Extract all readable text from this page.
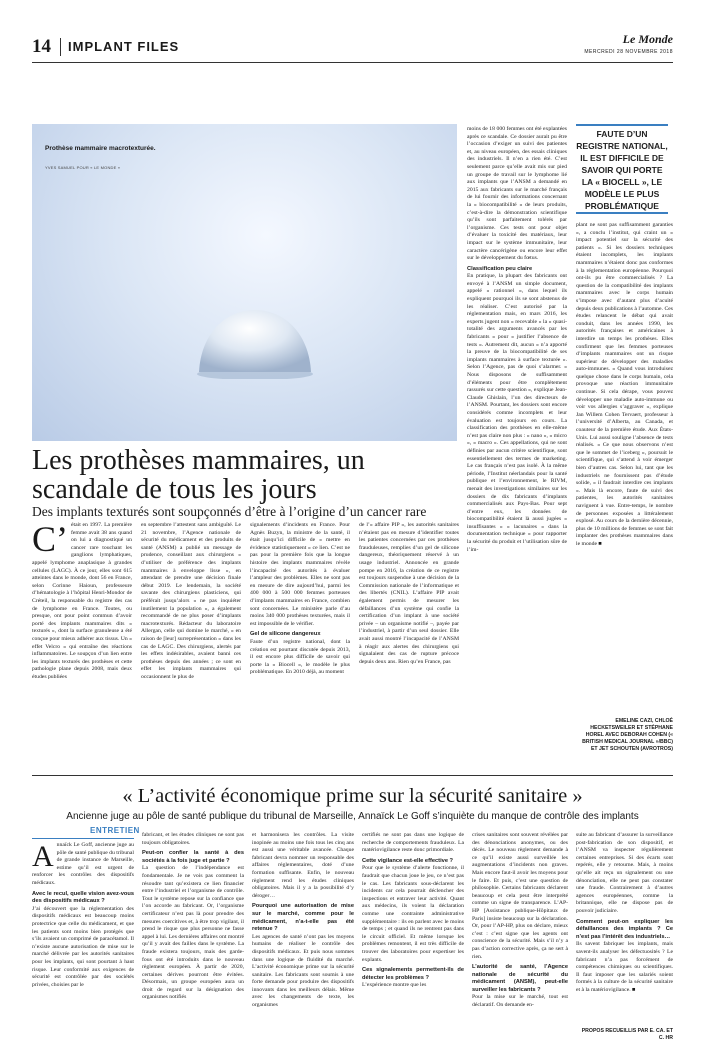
14 IMPLANT FILES	Le Monde
MERCREDI 28 NOVEMBRE 2018
Prothèse mammaire macrotexturée.
YVES SAMUEL POUR « LE MONDE »
Les prothèses mammaires, un scandale de tous les jours
Des implants texturés sont soupçonnés d’être à l’origine d’un cancer rare
C’ était en 1997. La première femme avait 38 ans quand on lui a diagnostiqué un cancer rare touchant les ganglions lymphatiques, appelé lymphome anaplasique à grandes cellules (LAGC). À ce jour, elles sont 615 atteintes dans le monde, dont 56 en France, selon Corinne Haioun, professeure d’hématologie à l’hôpital Henri-Mondor de Créteil, la responsable du registre des cas de lymphome en France. Toutes, ou presque, ont pour point commun d’avoir porté des implants mammaires dits « texturés », dont la surface granuleuse a été conçue pour mieux adhérer aux tissus. Un « effet Velcro » qui entraîne des réactions inflammatoires. Le soupçon d’un lien entre les implants texturés des prothèses et cette pathologie plane depuis 2008, mais deux études publiées
en septembre l’attestent sans ambiguïté. Le 21 novembre, l’Agence nationale de sécurité du médicament et des produits de santé (ANSM) a publié un message de prudence, conseillant aux chirurgiens « d’utiliser de préférence des implants mammaires à enveloppe lisse », en attendant de prendre une décision finale début 2019. Le lendemain, la société savante des chirurgiens plasticiens, qui préférait jusqu’alors « ne pas inquiéter inutilement la population », a également recommandé de ne plus poser d’implants macrotexturés. Rédacteur du laboratoire Allergan, celle qui domine le marché, « en raison de [leur] surreprésentation » dans les cas de LAGC. Des chirurgiens, alertés par les effets indésirables, avaient banni ces prothèses depuis des années ; ce sont en effet les implants mammaires qui occasionnent le plus de
signalements d’incidents en France. Pour Agnès Buzyn, la ministre de la santé, il était jusqu’ici difficile de « mettre en évidence statistiquement » ce lien. C’est ne pas pour la première fois que la longue histoire des implants mammaires révèle l’incapacité des autorités à évaluer l’ampleur des problèmes. Elles ne sont pas en mesure de dire aujourd’hui, parmi les 400 000 à 500 000 femmes porteuses d’implants mammaires en France, combien sont concernées. Le ministère parle d’au moins 340 000 prothèses texturées, mais il est impossible de le vérifier.
Gel de silicone dangereux
Faute d’un registre national, dont la création est pourtant discutée depuis 2013, il est encore plus difficile de savoir qui porte la « Biocell », le modèle le plus problématique. En 2010 déjà, au moment
de l’« affaire PIP », les autorités sanitaires n’étaient pas en mesure d’identifier toutes les patientes concernées par ces prothèses frauduleuses, remplies d’un gel de silicone dangereux, théoriquement réservé à un usage industriel. Annoncée en grande pompe en 2016, la création de ce registre est toujours suspendue à une décision de la Commission nationale de l’informatique et des libertés (CNIL). L’affaire PIP avait également permis de mesurer les défaillances d’un système qui confie la certification d’un implant à une société privée – un organisme notifié –, payée par l’industriel, à partir d’un seul dossier. Elle avait aussi montré l’incapacité de l’ANSM à réagir aux alertes des chirurgiens qui signalaient des cas de rupture précoce depuis deux ans. Rien qu’en France, pas
moins de 18 000 femmes ont été explantées après ce scandale. Ce dossier aurait pu être l’occasion d’exiger un suivi des patientes et, au niveau européen, des essais cliniques des industriels. Il n’en a rien été. C’est seulement parce qu’elle avait mis sur pied un groupe de travail sur le lymphome lié aux implants que l’ANSM a demandé en 2015 aux fabricants sur le marché français de lui fournir des informations concernant la « biocompatibilité » de leurs produits, c’est-à-dire la démonstration scientifique qu’ils sont parfaitement tolérés par l’organisme. Ces tests ont pour objet d’évaluer la toxicité des matériaux, leur impact sur le système immunitaire, leur caractère cancérigène ou encore leur effet sur le développement du fœtus.
Classification peu claire
En pratique, la plupart des fabricants ont envoyé à l’ANSM un simple document, appelé « rationnel », dans lequel ils expliquent pourquoi ils se sont abstenus de les réaliser. C’est autorisé par la réglementation mais, en mars 2016, les experts jugent non « recevable » la « quasi-totalité des arguments avancés par les fabricants » pour « justifier l’absence de tests ». Autrement dit, aucun « n’a apporté la preuve de la biocompatibilité de ses implants mammaires à surface texturée ». Selon l’Agence, pas de quoi s’alarmer. « Nous disposons de suffisamment d’éléments pour être complètement rassurés sur cette question », explique Jean-Claude Ghislain, l’un des directeurs de l’ANSM. Pourtant, les dossiers sont encore considérés comme incomplets et leur évaluation est toujours en cours. La classification des prothèses en elle-même n’est pas claire non plus : « nano », « micro », « macro ». Ces appellations, qui ne sont définies par aucun critère scientifique, sont essentiellement des termes de marketing. Le cas français n’est pas isolé. À la même période, l’Institut néerlandais pour la santé publique et l’environnement, le RIVM, menait des investigations similaires sur les dossiers de dix fabricants d’implants commercialisés aux Pays-Bas. Pour sept d’entre eux, les données de biocompatibilité étaient là aussi jugées « insuffisantes » « lacunaires » dans la documentation technique « pour rapporter la sécurité du produit et l’utilisation sûre de l’im-
FAUTE D’UN REGISTRE NATIONAL, IL EST DIFFICILE DE SAVOIR QUI PORTE LA « BIOCELL », LE MODÈLE LE PLUS PROBLÉMATIQUE
plant ne sont pas suffisamment garanties », a conclu l’institut, qui craint un « impact potentiel sur la sécurité des patients ». Si les dossiers techniques étaient incomplets, les implants mammaires n’étaient donc pas conformes à la réglementation européenne. Pourquoi ont-ils pu être commercialisés ? La question de la compatibilité des implants mammaires avec le corps humain s’impose avec d’autant plus d’acuité depuis deux publications à l’automne. Ces études relancent le débat qui avait conduit, dans les années 1990, les autorités françaises et américaines à interdire un temps les prothèses. Elles confirment que les femmes porteuses d’implants mammaires ont un risque supérieur de développer des maladies auto-immunes. « Quand vous introduisez quelque chose dans le corps humain, cela provoque une réaction immunitaire continue. Si cela dérape, vous pouvez développer une maladie auto-immune ou voir vos allergies s’aggraver », explique Jan Willem Cohen Tervaert, professeur à l’université d’Alberta, au Canada, et coauteur de la première étude. Aux États-Unis. Lui aussi souligne l’absence de tests réalisés. « Ce que nous observons n’est que le sommet de l’iceberg », poursuit le scientifique, qui s’attend à voir émerger bien d’autres cas. Selon lui, tant que les industriels ne fournissent pas d’étude solide, « il faudrait interdire ces implants ». Mais là encore, faute de suivi des patientes, les autorités sanitaires naviguent à vue. Entre-temps, le nombre de personnes exposées a littéralement explosé. Au cours de la dernière décennie, plus de 10 millions de femmes se sont fait implanter des prothèses mammaires dans le monde ■
EMELINE CAZI, CHLOÉ HECKETSWEILER ET STÉPHANE HOREL AVEC DEBORAH COHEN (« BRITISH MEDICAL JOURNAL »/BBC) ET JET SCHOUTEN (AVROTROS)
« L’activité économique prime sur la sécurité sanitaire »
Ancienne juge au pôle de santé publique du tribunal de Marseille, Annaïck Le Goff s’inquiète du manque de contrôle des implants
ENTRETIEN
A nnaïck Le Goff, ancienne juge au pôle de santé publique du tribunal de grande instance de Marseille, estime qu’il est urgent de renforcer les contrôles des dispositifs médicaux.
Avec le recul, quelle vision avez-vous des dispositifs médicaux ?
J’ai découvert que la réglementation des dispositifs médicaux est beaucoup moins protectrice que celle du médicament, et que les patients sont moins bien protégés que s’ils avaient un comprimé de paracétamol. Il n’existe aucune autorisation de mise sur le marché délivrée par les autorités sanitaires pour les implants, qui sont pourtant à haut risque. Leur conformité aux exigences de sécurité est contrôlée par des sociétés privées, choisies par le
fabricant, et les études cliniques ne sont pas toujours obligatoires.
Peut-on confier la santé à des sociétés à la fois juge et partie ?
La question de l’indépendance est fondamentale. Je ne vois pas comment la résoudre tant qu’existera ce lien financier entre l’industriel et l’organisme de contrôle. Tout le système repose sur la confiance que l’on accorde au fabricant. Or, l’organisme certificateur n’est pas là pour prendre des mesures coercitives et, à être trop vigilant, il prend le risque que plus personne ne fasse appel à lui. Les dernières affaires ont montré qu’il y avait des failles dans le système. La fraude existera toujours, mais des garde-fous ont été introduits dans le nouveau règlement européen. À partir de 2020, certaines dérives pourront être évitées. Désormais, un groupe européen aura un droit de regard sur la désignation des organismes notifiés
et harmonisera les contrôles. La visite inopinée au moins une fois tous les cinq ans est aussi une véritable avancée. Chaque fabricant devra nommer un responsable des affaires réglementaires, doté d’une formation suffisante. Enfin, le nouveau règlement rend les études cliniques obligatoires. Mais il y a la possibilité d’y déroger…
Pourquoi une autorisation de mise sur le marché, comme pour le médicament, n’a-t-elle pas été retenue ?
Les agences de santé n’ont pas les moyens humains de réaliser le contrôle des dispositifs médicaux. Et puis nous sommes dans une logique de fluidité du marché. L’activité économique prime sur la sécurité sanitaire. Les fabricants sont soumis à une forte demande pour produire des dispositifs innovants dans les meilleurs délais. Même avec les changements de texte, les organismes
certifiés ne sont pas dans une logique de recherche de comportements frauduleux. La matériovigilance reste donc primordiale.
Cette vigilance est-elle effective ?
Pour que le système d’alerte fonctionne, il faudrait que chacun joue le jeu, ce n’est pas le cas. Les fabricants sous-déclarent les incidents car cela pourrait déclencher des inspections et entraver leur activité. Quant aux médecins, ils voient la déclaration comme une contrainte administrative supplémentaire : ils en parlent avec le moins de temps ; et quand ils ne rentrent pas dans le circuit officiel. Et même lorsque les problèmes remontent, il est très difficile de trouver des laboratoires pour expertiser les explants.
Ces signalements permettent-ils de détecter les problèmes ?
L’expérience montre que les
crises sanitaires sont souvent révélées par des dénonciations anonymes, ou des décès. Le nouveau règlement demande à ce qu’il existe aussi surveillée les augmentations d’incidents non graves. Mais encore faut-il avoir les moyens pour le faire. Et puis, c’est une question de philosophie. Certains fabricants déclarent beaucoup et cela peut être interprété comme un signe de transparence. L’AP-HP [Assistance publique-Hôpitaux de Paris] insiste beaucoup sur la déclaration. Or, pour l’AP-HP, plus on déclare, mieux c’est : c’est signe que les agents ont conscience de la sécurité. Mais s’il n’y a pas d’action corrective après, ça ne sert à rien.
L’autorité de santé, l’Agence nationale de sécurité du médicament (ANSM), peut-elle surveiller les fabricants ?
Pour la mise sur le marché, tout est déclaratif. On demande en-
suite au fabricant d’assurer la surveillance post-fabrication de son dispositif, et l’ANSM va inspecter régulièrement certaines entreprises. Si des écarts sont repérés, elle y retourne. Mais, à moins qu’elle ait reçu un signalement ou une dénonciation, elle ne peut pas constater une fraude. Contrairement à d’autres agences européennes, comme la britannique, elle ne dispose pas de pouvoir judiciaire.
Comment peut-on expliquer les défaillances des implants ? Ce n’est pas l’intérêt des industriels…
Ils savent fabriquer les implants, mais savent-ils analyser les défectuosités ? Le fabricant n’a pas forcément de compétences chimiques ou scientifiques. Il faut imposer que les salariés soient formés à la culture de la sécurité sanitaire et à la matériovigilance. ■
PROPOS RECUEILLIS PAR E. CA. ET C. HR
